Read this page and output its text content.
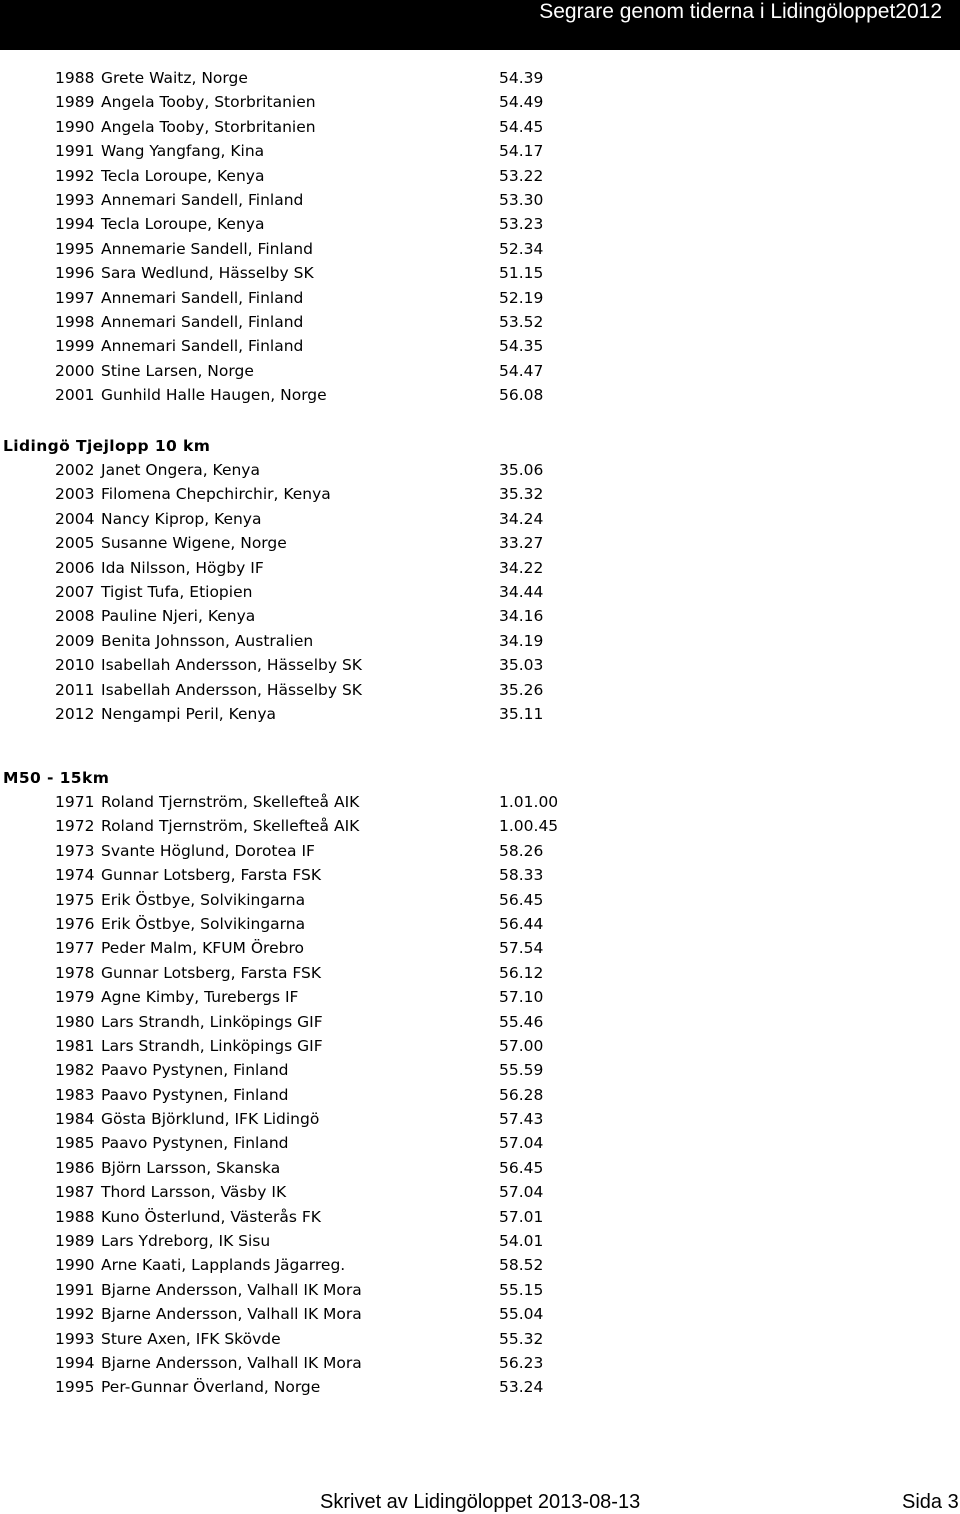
Segrare genom tiderna i Lidingöloppet2012
1988 Grete Waitz, Norge	54.39
1989 Angela Tooby, Storbritanien	54.49
1990 Angela Tooby, Storbritanien	54.45
1991 Wang Yangfang, Kina	54.17
1992 Tecla Loroupe, Kenya	53.22
1993 Annemari Sandell, Finland	53.30
1994 Tecla Loroupe, Kenya	53.23
1995 Annemarie Sandell, Finland	52.34
1996 Sara Wedlund, Hässelby SK	51.15
1997 Annemari Sandell, Finland	52.19
1998 Annemari Sandell, Finland	53.52
1999 Annemari Sandell, Finland	54.35
2000 Stine Larsen, Norge	54.47
2001 Gunhild Halle Haugen, Norge	56.08
Lidingö Tjejlopp 10 km
2002 Janet Ongera, Kenya	35.06
2003 Filomena Chepchirchir, Kenya	35.32
2004 Nancy Kiprop, Kenya	34.24
2005 Susanne Wigene, Norge	33.27
2006 Ida Nilsson, Högby IF	34.22
2007 Tigist Tufa, Etiopien	34.44
2008 Pauline Njeri, Kenya	34.16
2009 Benita Johnsson, Australien	34.19
2010 Isabellah Andersson, Hässelby SK	35.03
2011 Isabellah Andersson, Hässelby SK	35.26
2012 Nengampi Peril, Kenya	35.11
M50 - 15km
1971 Roland Tjernström, Skellefteå AIK	1.01.00
1972 Roland Tjernström, Skellefteå AIK	1.00.45
1973 Svante Höglund, Dorotea IF	58.26
1974 Gunnar Lotsberg, Farsta FSK	58.33
1975 Erik Östbye, Solvikingarna	56.45
1976 Erik Östbye, Solvikingarna	56.44
1977 Peder Malm, KFUM Örebro	57.54
1978 Gunnar Lotsberg, Farsta FSK	56.12
1979 Agne Kimby, Turebergs IF	57.10
1980 Lars Strandh, Linköpings GIF	55.46
1981 Lars Strandh, Linköpings GIF	57.00
1982 Paavo Pystynen, Finland	55.59
1983 Paavo Pystynen, Finland	56.28
1984 Gösta Björklund, IFK Lidingö	57.43
1985 Paavo Pystynen, Finland	57.04
1986 Björn Larsson, Skanska	56.45
1987 Thord Larsson, Väsby IK	57.04
1988 Kuno Österlund, Västerås FK	57.01
1989 Lars Ydreborg, IK Sisu	54.01
1990 Arne Kaati, Lapplands Jägarreg.	58.52
1991 Bjarne Andersson, Valhall IK Mora	55.15
1992 Bjarne Andersson, Valhall IK Mora	55.04
1993 Sture Axen, IFK Skövde	55.32
1994 Bjarne Andersson, Valhall IK Mora	56.23
1995 Per-Gunnar Överland, Norge	53.24
Skrivet av Lidingöloppet 2013-08-13	Sida 3
